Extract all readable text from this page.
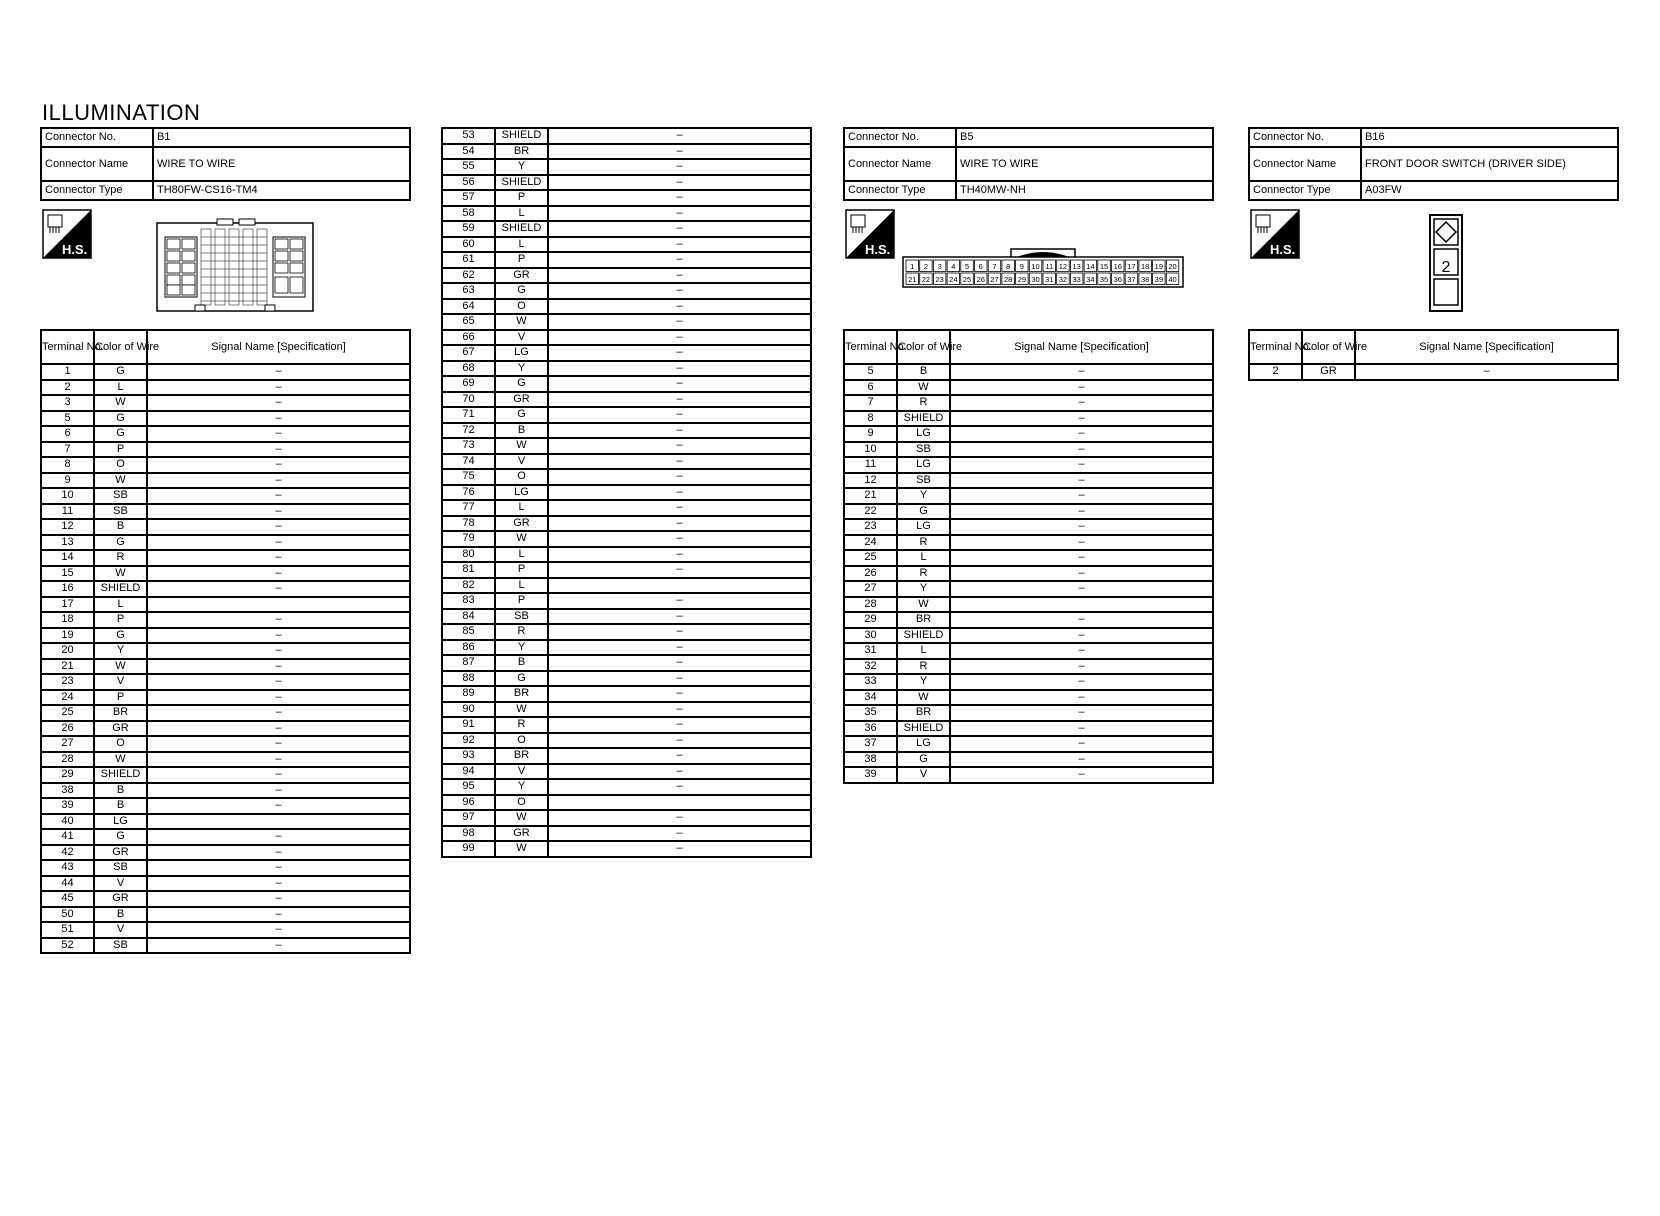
ILLUMINATION
Connector No.	B1
Connector Name	WIRE TO WIRE
Connector Type	TH80FW-CS16-TM4
H.S.
Terminal No.	Color of Wire	Signal Name [Specification]
1	G	–
2	L	–
3	W	–
5	G	–
6	G	–
7	P	–
8	O	–
9	W	–
10	SB	–
11	SB	–
12	B	–
13	G	–
14	R	–
15	W	–
16	SHIELD	–
17	L	
18	P	–
19	G	–
20	Y	–
21	W	–
23	V	–
24	P	–
25	BR	–
26	GR	–
27	O	–
28	W	–
29	SHIELD	–
38	B	–
39	B	–
40	LG	
41	G	–
42	GR	–
43	SB	–
44	V	–
45	GR	–
50	B	–
51	V	–
52	SB	–
53	SHIELD	–
54	BR	–
55	Y	–
56	SHIELD	–
57	P	–
58	L	–
59	SHIELD	–
60	L	–
61	P	–
62	GR	–
63	G	–
64	O	–
65	W	–
66	V	–
67	LG	–
68	Y	–
69	G	–
70	GR	–
71	G	–
72	B	–
73	W	–
74	V	–
75	O	–
76	LG	–
77	L	–
78	GR	–
79	W	–
80	L	–
81	P	–
82	L	
83	P	–
84	SB	–
85	R	–
86	Y	–
87	B	–
88	G	–
89	BR	–
90	W	–
91	R	–
92	O	–
93	BR	–
94	V	–
95	Y	–
96	O	
97	W	–
98	GR	–
99	W	–
Connector No.	B5
Connector Name	WIRE TO WIRE
Connector Type	TH40MW-NH
H.S.
1 2 3 4 5 6 7 8 9 10 11 12 13 14 15 16 17 18 19 20
21 22 23 24 25 26 27 28 29 30 31 32 33 34 35 36 37 38 39 40
Terminal No.	Color of Wire	Signal Name [Specification]
5	B	–
6	W	–
7	R	–
8	SHIELD	–
9	LG	–
10	SB	–
11	LG	–
12	SB	–
21	Y	–
22	G	–
23	LG	–
24	R	–
25	L	–
26	R	–
27	Y	–
28	W	
29	BR	–
30	SHIELD	–
31	L	–
32	R	–
33	Y	–
34	W	–
35	BR	–
36	SHIELD	–
37	LG	–
38	G	–
39	V	–
Connector No.	B16
Connector Name	FRONT DOOR SWITCH (DRIVER SIDE)
Connector Type	A03FW
H.S.
2
Terminal No.	Color of Wire	Signal Name [Specification]
2	GR	–
